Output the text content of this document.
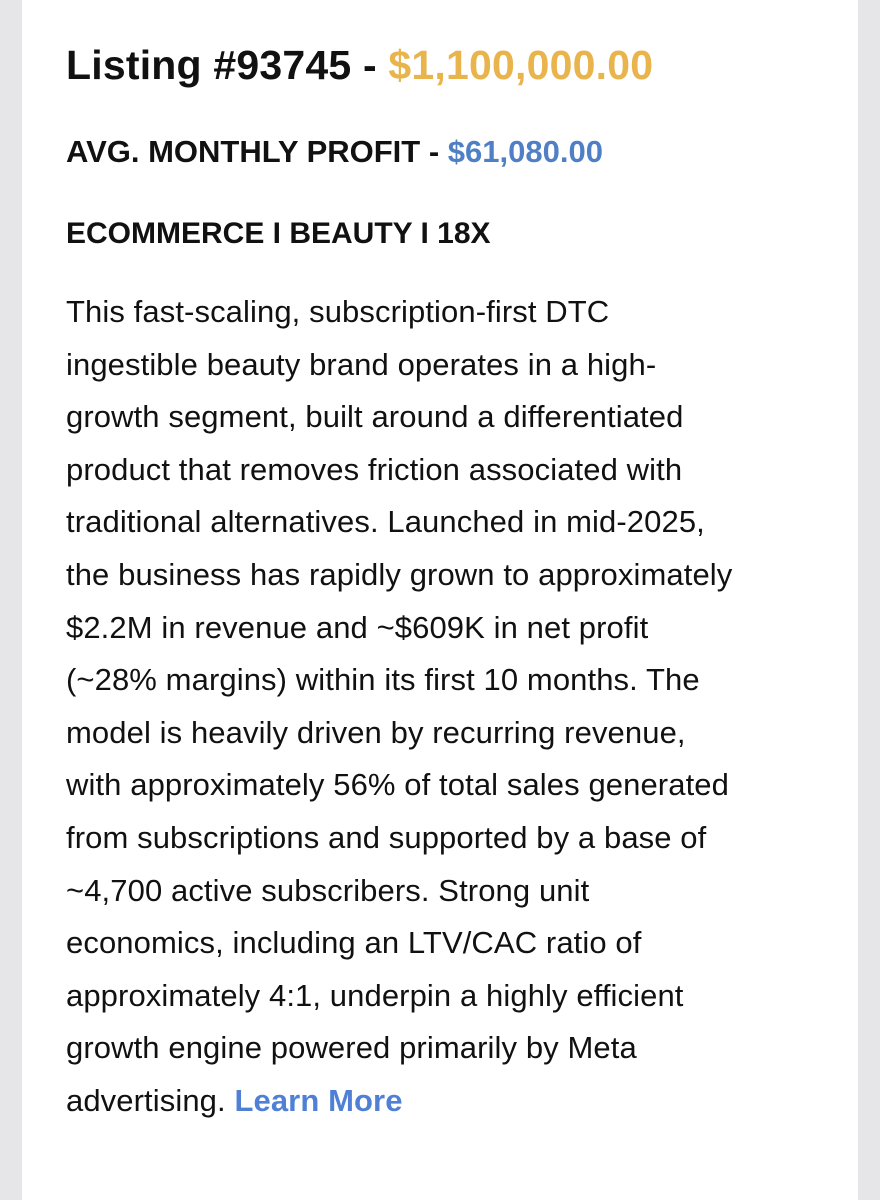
Listing #93745 - $1,100,000.00
AVG. MONTHLY PROFIT - $61,080.00
ECOMMERCE I BEAUTY I 18X

This fast-scaling, subscription-first DTC
ingestible beauty brand operates in a high-
growth segment, built around a differentiated
product that removes friction associated with
traditional alternatives. Launched in mid-2025,
the business has rapidly grown to approximately
$2.2M in revenue and ~$609K in net profit
(~28% margins) within its first 10 months. The
model is heavily driven by recurring revenue,
with approximately 56% of total sales generated
from subscriptions and supported by a base of
~4,700 active subscribers. Strong unit
economics, including an LTV/CAC ratio of
approximately 4:1, underpin a highly efficient
growth engine powered primarily by Meta
advertising. Learn More
